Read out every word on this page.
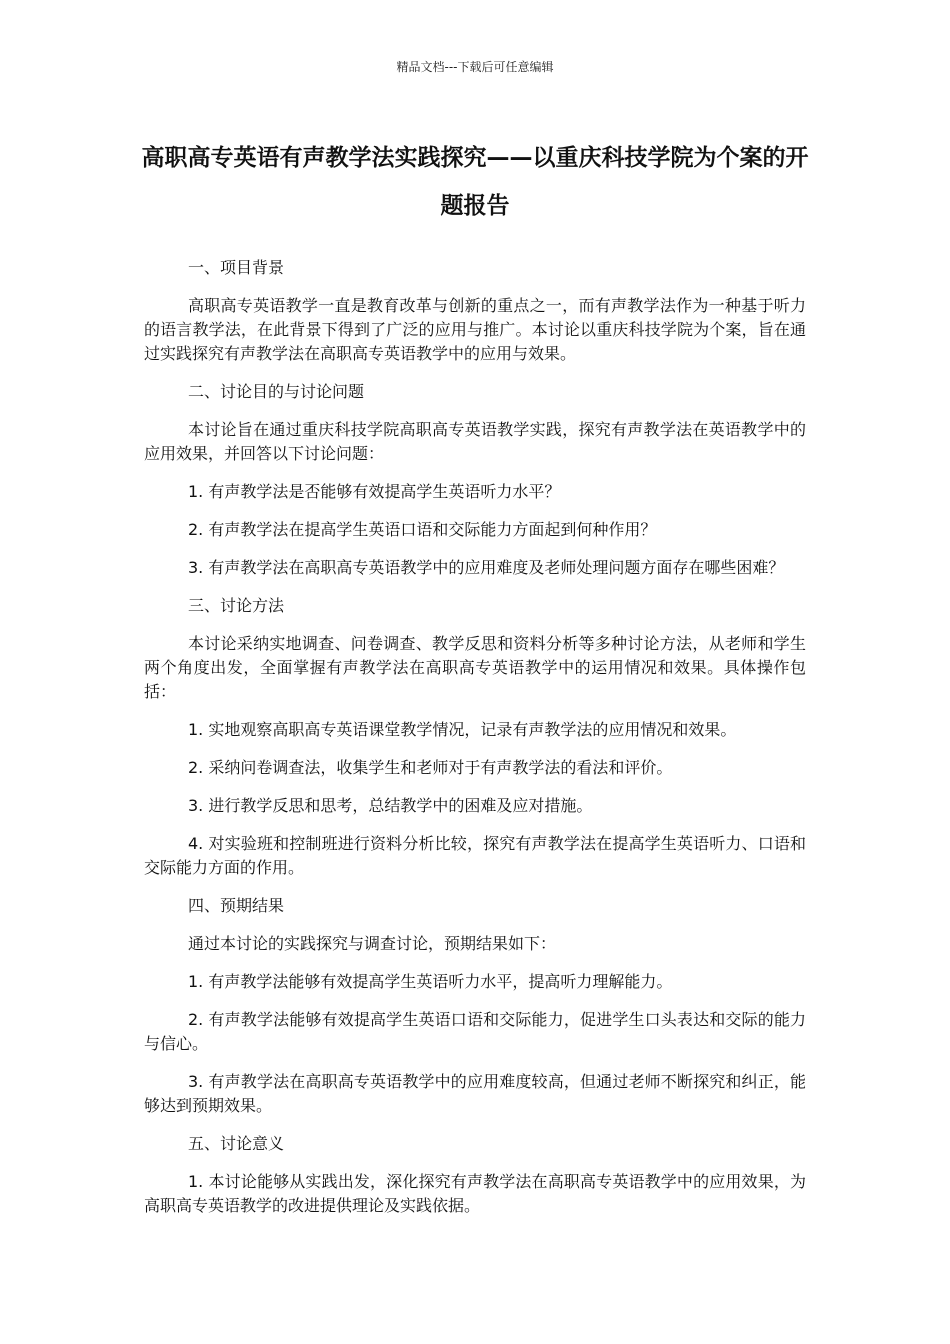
精品文档---下载后可任意编辑
高职高专英语有声教学法实践探究——以重庆科技学院为个案的开题报告

一、项目背景

高职高专英语教学一直是教育改革与创新的重点之一，而有声教学法作为一种基于听力的语言教学法，在此背景下得到了广泛的应用与推广。本讨论以重庆科技学院为个案，旨在通过实践探究有声教学法在高职高专英语教学中的应用与效果。

二、讨论目的与讨论问题

本讨论旨在通过重庆科技学院高职高专英语教学实践，探究有声教学法在英语教学中的应用效果，并回答以下讨论问题：

1. 有声教学法是否能够有效提高学生英语听力水平？

2. 有声教学法在提高学生英语口语和交际能力方面起到何种作用？

3. 有声教学法在高职高专英语教学中的应用难度及老师处理问题方面存在哪些困难？

三、讨论方法

本讨论采纳实地调查、问卷调查、教学反思和资料分析等多种讨论方法，从老师和学生两个角度出发，全面掌握有声教学法在高职高专英语教学中的运用情况和效果。具体操作包括：

1. 实地观察高职高专英语课堂教学情况，记录有声教学法的应用情况和效果。

2. 采纳问卷调查法，收集学生和老师对于有声教学法的看法和评价。

3. 进行教学反思和思考，总结教学中的困难及应对措施。

4. 对实验班和控制班进行资料分析比较，探究有声教学法在提高学生英语听力、口语和交际能力方面的作用。

四、预期结果

通过本讨论的实践探究与调查讨论，预期结果如下：

1. 有声教学法能够有效提高学生英语听力水平，提高听力理解能力。

2. 有声教学法能够有效提高学生英语口语和交际能力，促进学生口头表达和交际的能力与信心。

3. 有声教学法在高职高专英语教学中的应用难度较高，但通过老师不断探究和纠正，能够达到预期效果。

五、讨论意义

1. 本讨论能够从实践出发，深化探究有声教学法在高职高专英语教学中的应用效果，为高职高专英语教学的改进提供理论及实践依据。
